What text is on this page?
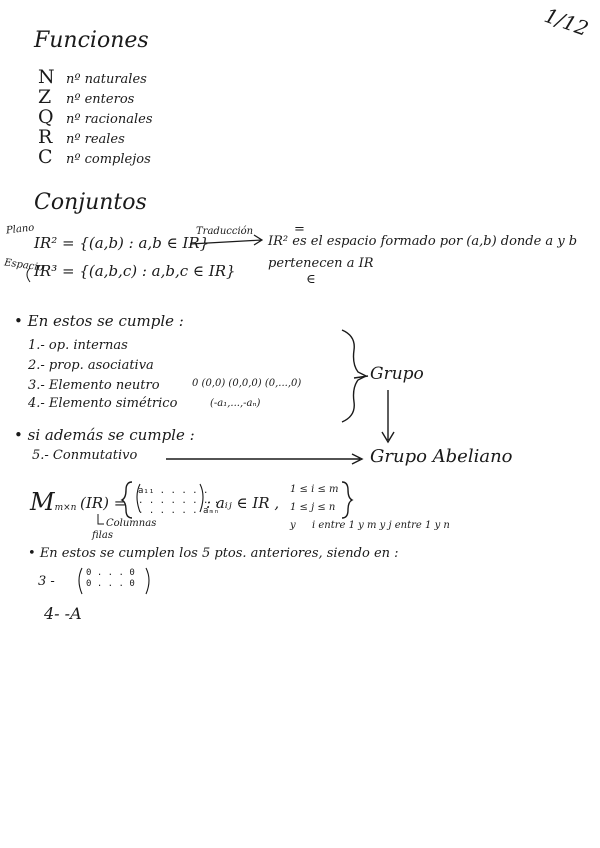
1/12
Funciones
N nº naturales
Z	nº enteros
Q nº racionales
R	nº reales
C	nº complejos
Conjuntos
Plano
IR² = {(a,b) : a,b ∈ IR}
Espacio
IR³ = {(a,b,c) : a,b,c ∈ IR}
Traducción
IR² es el espacio formado por (a,b) donde a y b
pertenecen a IR
=
∈
• En estos se cumple :
1.- op. internas
2.- prop. asociativa
3.- Elemento neutro
4.- Elemento simétrico
0 (0,0) (0,0,0) (0,...,0)
(-a₁,...,-aₙ)
Grupo
• si además se cumple :
5.- Conmutativo	Grupo Abeliano
Mm×n (IR) =
a₁₁ . . . . .
. . . . . . . .
. . . . . . aₘₙ
: aᵢⱼ ∈ IR ,
1 ≤ i ≤ m
1 ≤ j ≤ n
Columnas
filas
y i entre 1 y m y j entre 1 y n
• En estos se cumplen los 5 ptos. anteriores, siendo en :
3 -
0 . . . 0
0 . . . 0
4- -A
